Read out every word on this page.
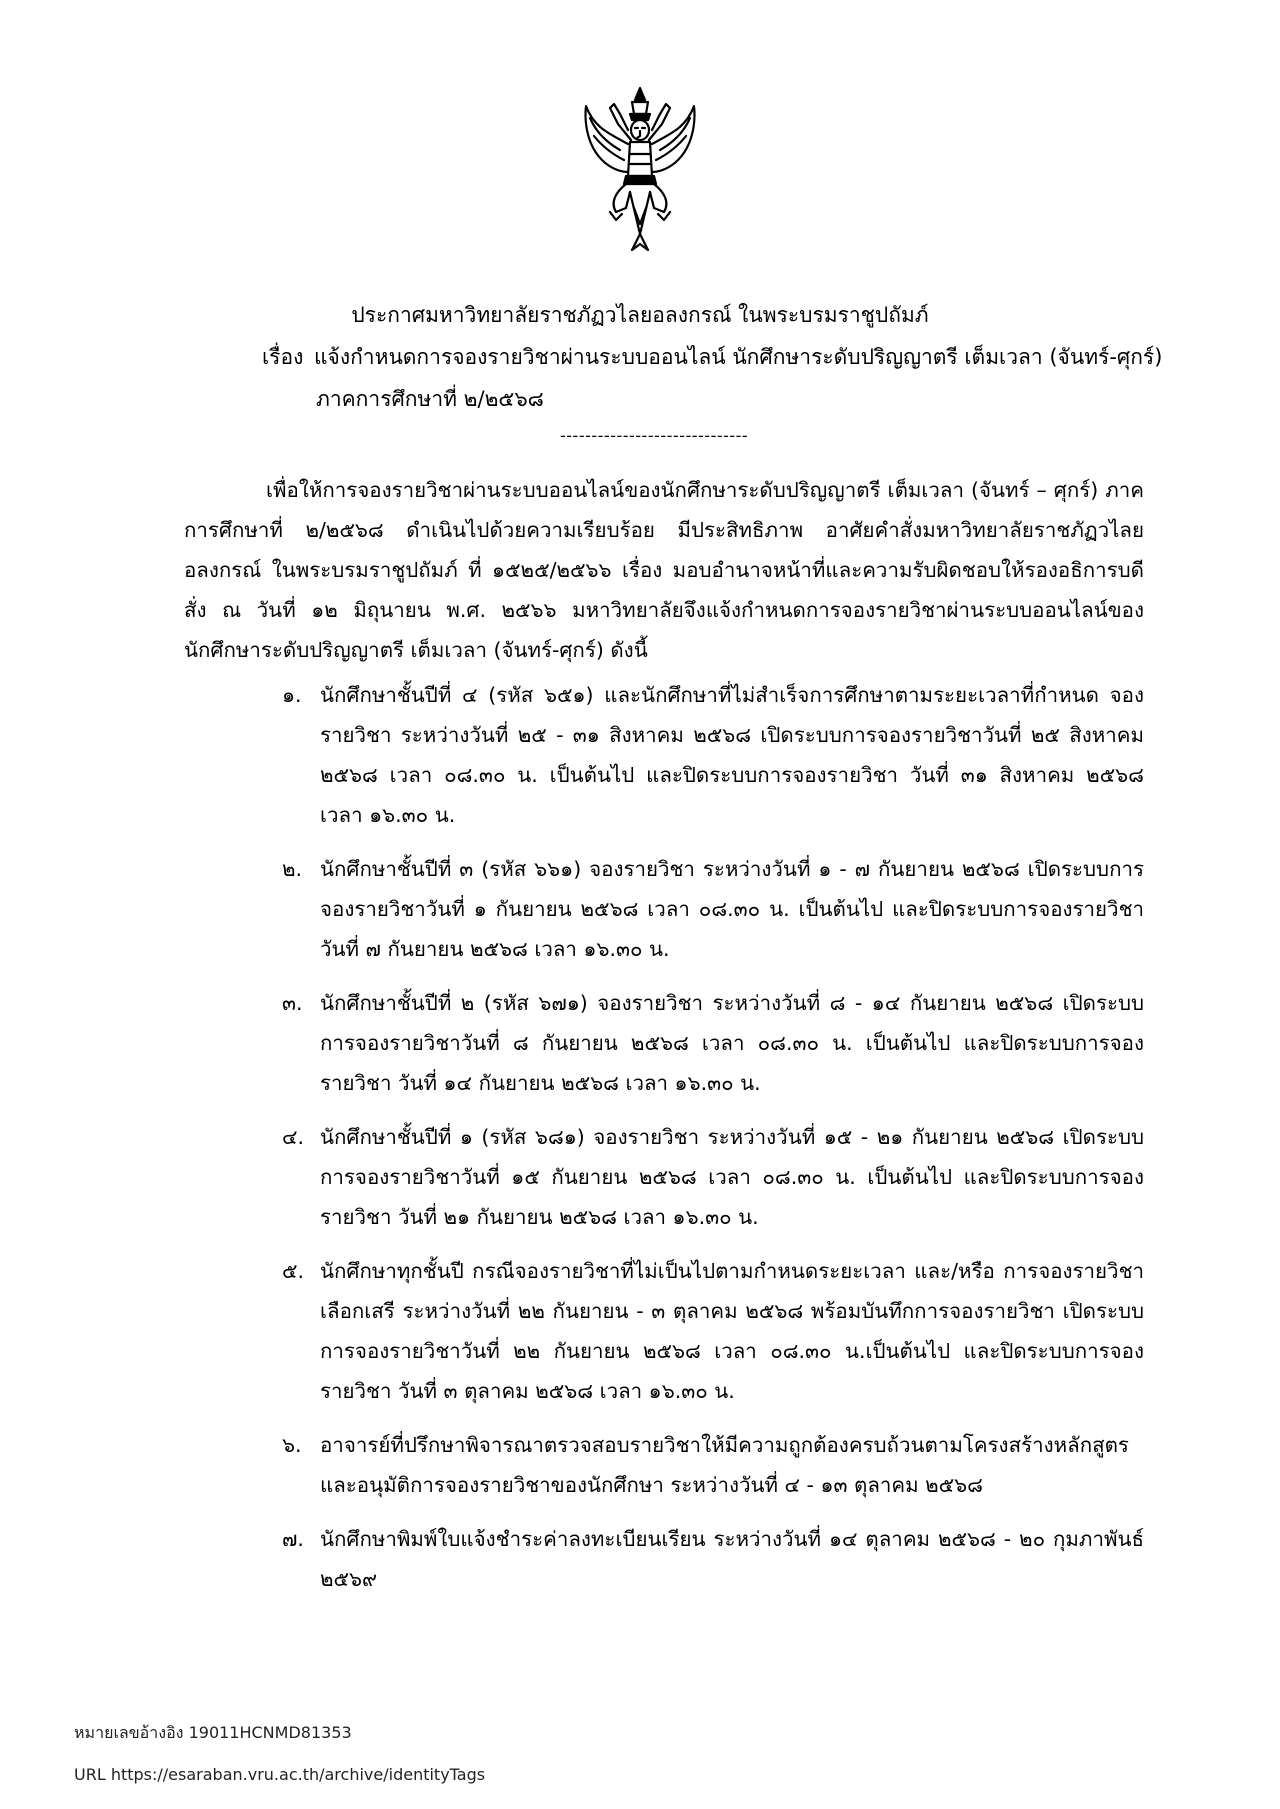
ประกาศมหาวิทยาลัยราชภัฏวไลยอลงกรณ์ ในพระบรมราชูปถัมภ์
เรื่อง แจ้งกำหนดการจองรายวิชาผ่านระบบออนไลน์ นักศึกษาระดับปริญญาตรี เต็มเวลา (จันทร์-ศุกร์)
ภาคการศึกษาที่ ๒/๒๕๖๘
------------------------------
เพื่อให้การจองรายวิชาผ่านระบบออนไลน์ของนักศึกษาระดับปริญญาตรี เต็มเวลา (จันทร์ – ศุกร์) ภาคการศึกษาที่ ๒/๒๕๖๘ ดำเนินไปด้วยความเรียบร้อย มีประสิทธิภาพ อาศัยคำสั่งมหาวิทยาลัยราชภัฏวไลยอลงกรณ์ ในพระบรมราชูปถัมภ์ ที่ ๑๕๒๕/๒๕๖๖ เรื่อง มอบอำนาจหน้าที่และความรับผิดชอบให้รองอธิการบดี สั่ง ณ วันที่ ๑๒ มิถุนายน พ.ศ. ๒๕๖๖ มหาวิทยาลัยจึงแจ้งกำหนดการจองรายวิชาผ่านระบบออนไลน์ของนักศึกษาระดับปริญญาตรี เต็มเวลา (จันทร์-ศุกร์) ดังนี้
๑. นักศึกษาชั้นปีที่ ๔ (รหัส ๖๕๑) และนักศึกษาที่ไม่สำเร็จการศึกษาตามระยะเวลาที่กำหนด จองรายวิชา ระหว่างวันที่ ๒๕ - ๓๑ สิงหาคม ๒๕๖๘ เปิดระบบการจองรายวิชาวันที่ ๒๕ สิงหาคม ๒๕๖๘ เวลา ๐๘.๓๐ น. เป็นต้นไป และปิดระบบการจองรายวิชา วันที่ ๓๑ สิงหาคม ๒๕๖๘ เวลา ๑๖.๓๐ น.
๒. นักศึกษาชั้นปีที่ ๓ (รหัส ๖๖๑) จองรายวิชา ระหว่างวันที่ ๑ - ๗ กันยายน ๒๕๖๘ เปิดระบบการจองรายวิชาวันที่ ๑ กันยายน ๒๕๖๘ เวลา ๐๘.๓๐ น. เป็นต้นไป และปิดระบบการจองรายวิชา วันที่ ๗ กันยายน ๒๕๖๘ เวลา ๑๖.๓๐ น.
๓. นักศึกษาชั้นปีที่ ๒ (รหัส ๖๗๑) จองรายวิชา ระหว่างวันที่ ๘ - ๑๔ กันยายน ๒๕๖๘ เปิดระบบการจองรายวิชาวันที่ ๘ กันยายน ๒๕๖๘ เวลา ๐๘.๓๐ น. เป็นต้นไป และปิดระบบการจองรายวิชา วันที่ ๑๔ กันยายน ๒๕๖๘ เวลา ๑๖.๓๐ น.
๔. นักศึกษาชั้นปีที่ ๑ (รหัส ๖๘๑) จองรายวิชา ระหว่างวันที่ ๑๕ - ๒๑ กันยายน ๒๕๖๘ เปิดระบบการจองรายวิชาวันที่ ๑๕ กันยายน ๒๕๖๘ เวลา ๐๘.๓๐ น. เป็นต้นไป และปิดระบบการจองรายวิชา วันที่ ๒๑ กันยายน ๒๕๖๘ เวลา ๑๖.๓๐ น.
๕. นักศึกษาทุกชั้นปี กรณีจองรายวิชาที่ไม่เป็นไปตามกำหนดระยะเวลา และ/หรือ การจองรายวิชาเลือกเสรี ระหว่างวันที่ ๒๒ กันยายน - ๓ ตุลาคม ๒๕๖๘ พร้อมบันทึกการจองรายวิชา เปิดระบบการจองรายวิชาวันที่ ๒๒ กันยายน ๒๕๖๘ เวลา ๐๘.๓๐ น.เป็นต้นไป และปิดระบบการจองรายวิชา วันที่ ๓ ตุลาคม ๒๕๖๘ เวลา ๑๖.๓๐ น.
๖. อาจารย์ที่ปรึกษาพิจารณาตรวจสอบรายวิชาให้มีความถูกต้องครบถ้วนตามโครงสร้างหลักสูตร และอนุมัติการจองรายวิชาของนักศึกษา ระหว่างวันที่ ๔ - ๑๓ ตุลาคม ๒๕๖๘
๗. นักศึกษาพิมพ์ใบแจ้งชำระค่าลงทะเบียนเรียน ระหว่างวันที่ ๑๔ ตุลาคม ๒๕๖๘ - ๒๐ กุมภาพันธ์ ๒๕๖๙
หมายเลขอ้างอิง 19011HCNMD81353
URL https://esaraban.vru.ac.th/archive/identityTags
